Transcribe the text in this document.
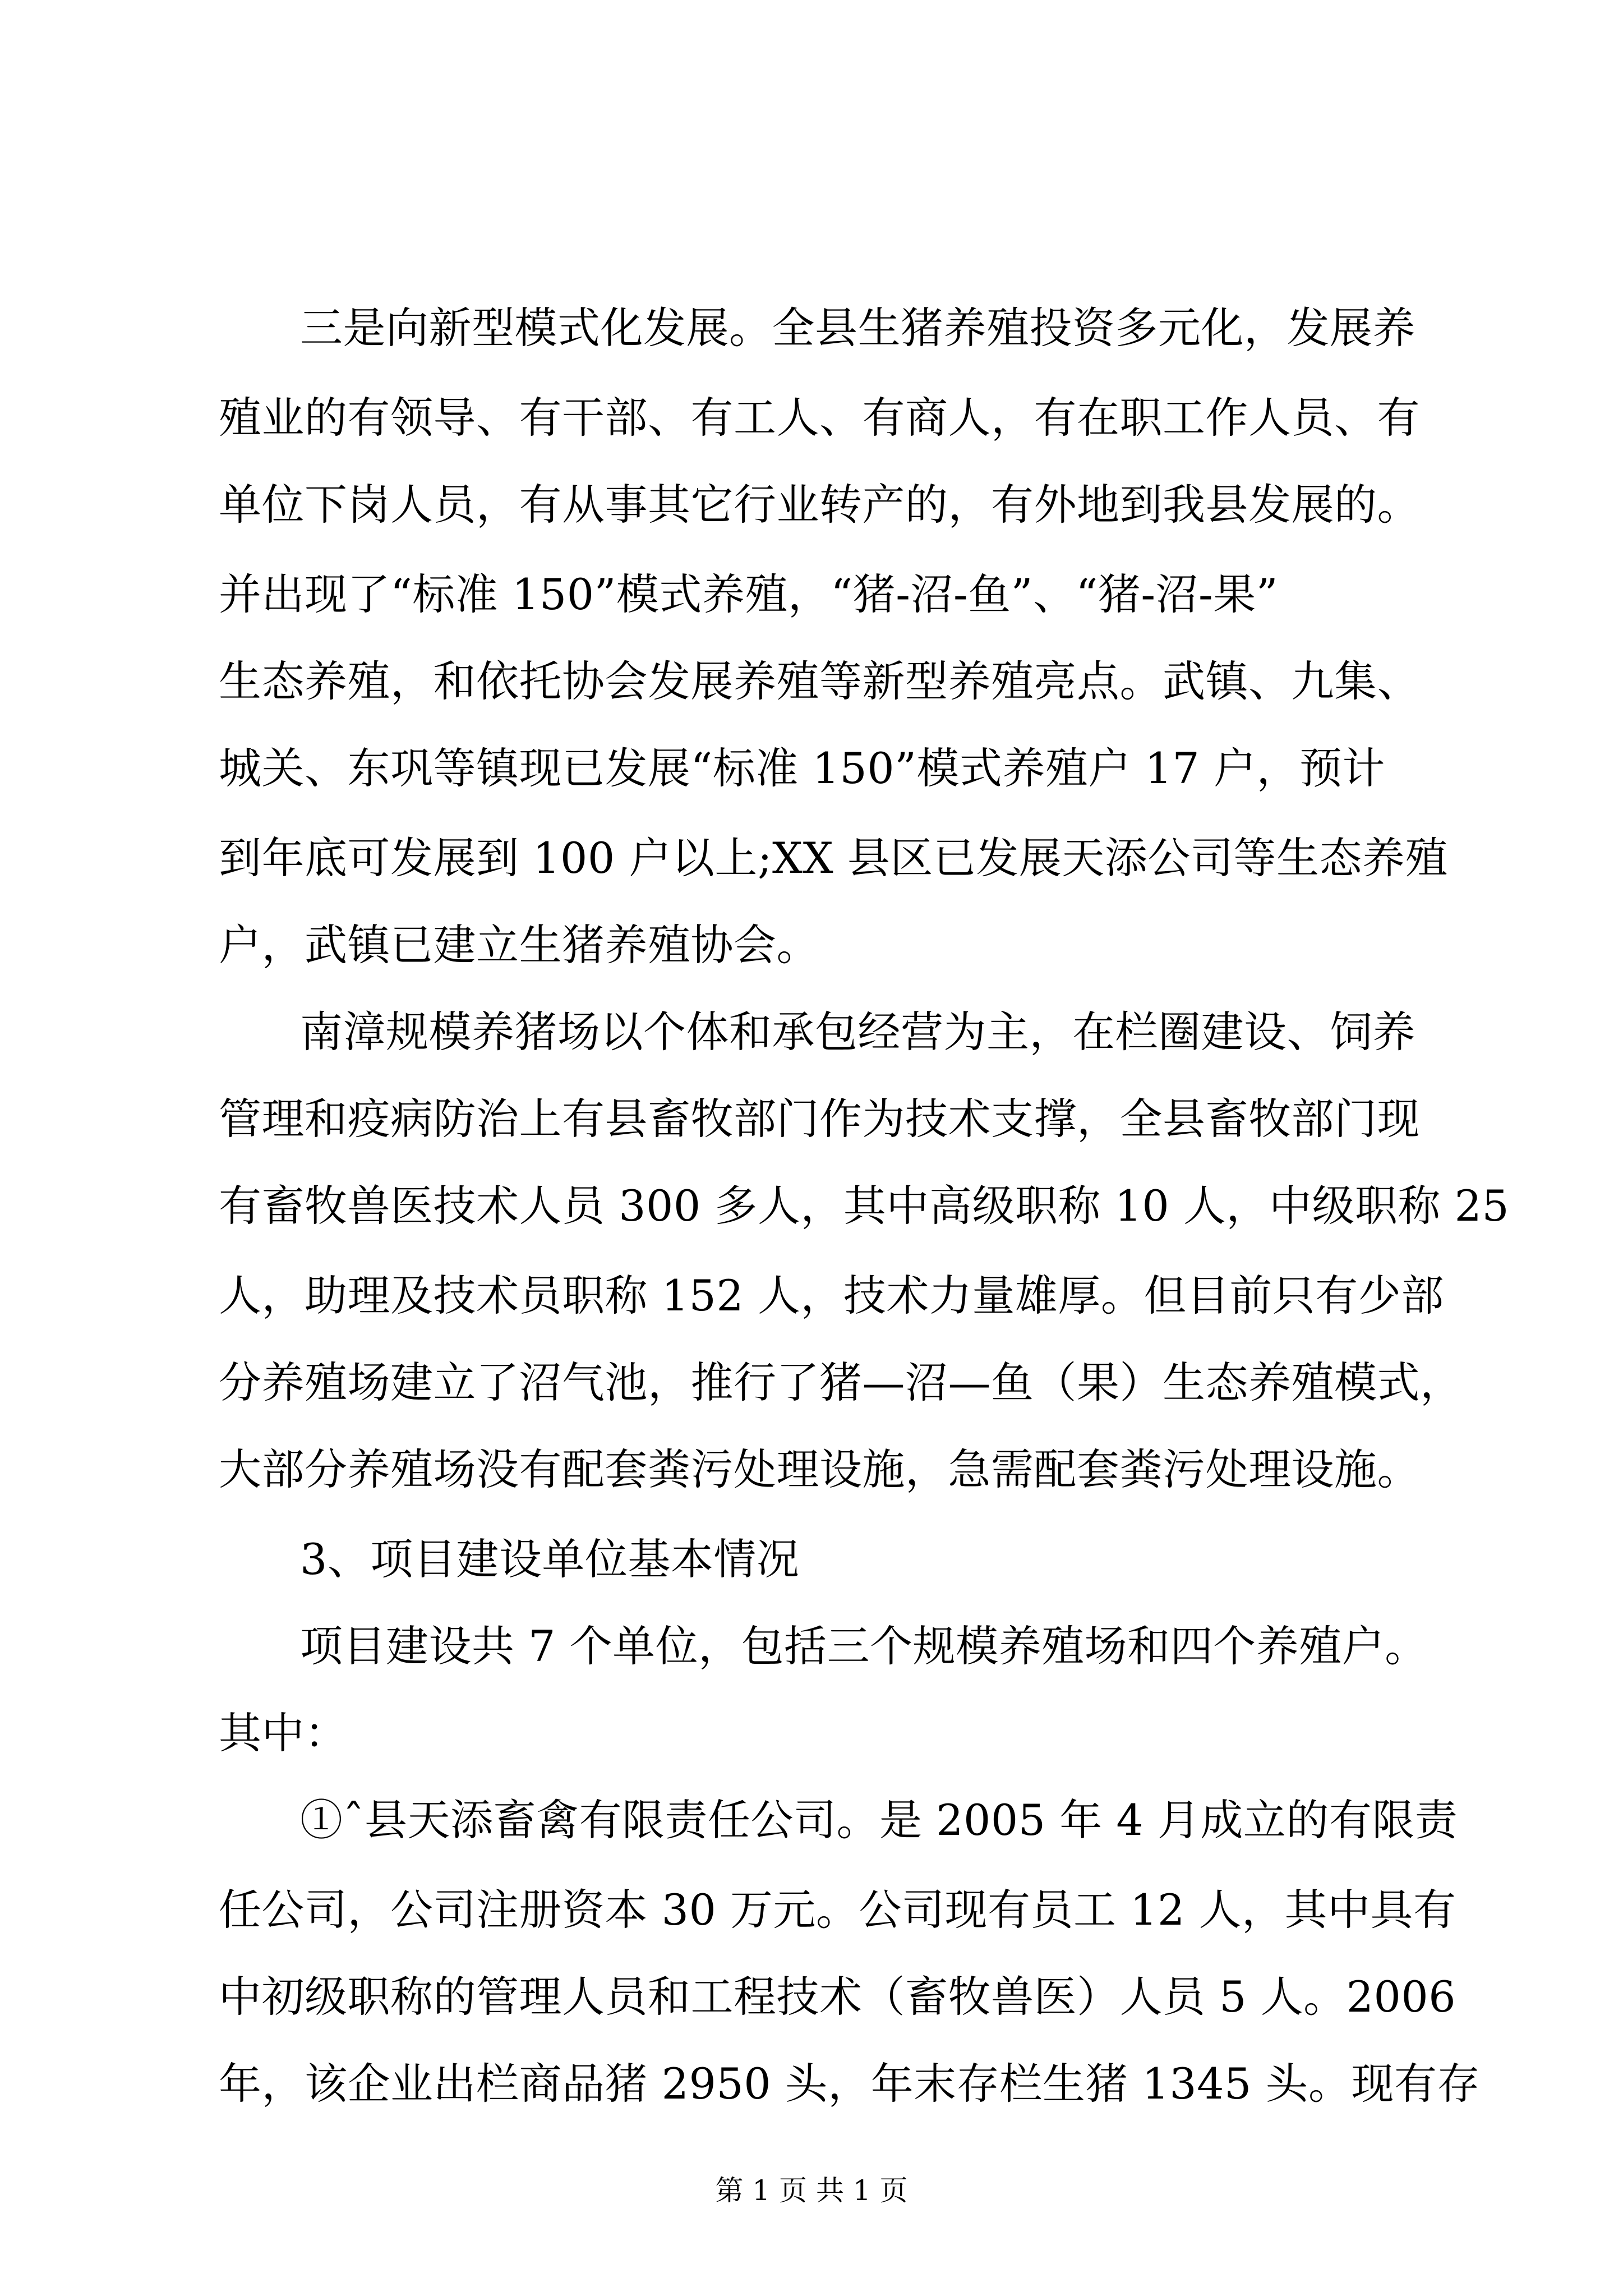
三是向新型模式化发展。全县生猪养殖投资多元化，发展养
殖业的有领导、有干部、有工人、有商人，有在职工作人员、有
单位下岗人员，有从事其它行业转产的，有外地到我县发展的。
并出现了“标准 150”模式养殖，“猪-沼-鱼”、“猪-沼-果”
生态养殖，和依托协会发展养殖等新型养殖亮点。武镇、九集、
城关、东巩等镇现已发展“标准 150”模式养殖户 17 户，预计
到年底可发展到 100 户以上;XX 县区已发展天添公司等生态养殖
户，武镇已建立生猪养殖协会。
南漳规模养猪场以个体和承包经营为主，在栏圈建设、饲养
管理和疫病防治上有县畜牧部门作为技术支撑，全县畜牧部门现
有畜牧兽医技术人员 300 多人，其中高级职称 10 人，中级职称 25
人，助理及技术员职称 152 人，技术力量雄厚。但目前只有少部
分养殖场建立了沼气池，推行了猪—沼—鱼（果）生态养殖模式，
大部分养殖场没有配套粪污处理设施，急需配套粪污处理设施。
3、项目建设单位基本情况
项目建设共 7 个单位，包括三个规模养殖场和四个养殖户。
其中：
①ˆ县天添畜禽有限责任公司。是 2005 年 4 月成立的有限责
任公司，公司注册资本 30 万元。公司现有员工 12 人，其中具有
中初级职称的管理人员和工程技术（畜牧兽医）人员 5 人。2006
年，该企业出栏商品猪 2950 头，年末存栏生猪 1345 头。现有存
第 1 页 共 1 页
